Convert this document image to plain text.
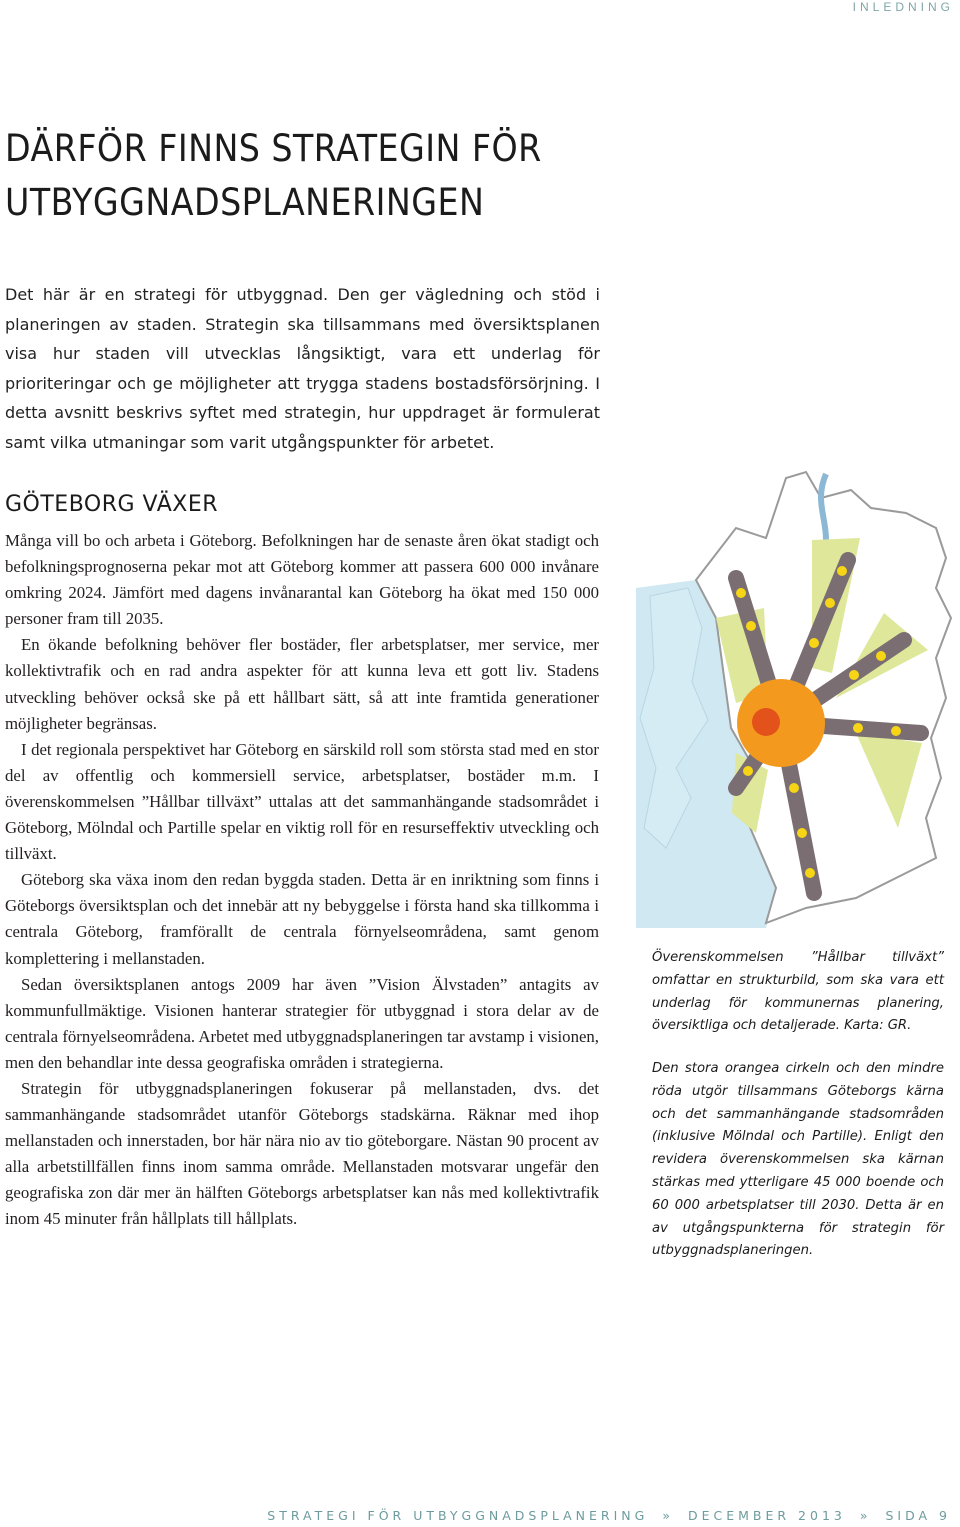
INLEDNING
DÄRFÖR FINNS STRATEGIN FÖR UTBYGGNADSPLANERINGEN

Det här är en strategi för utbyggnad. Den ger vägledning och stöd i planeringen av staden. Strategin ska tillsammans med översiktsplanen visa hur staden vill utvecklas långsiktigt, vara ett underlag för prioriteringar och ge möjligheter att trygga stadens bostadsförsörjning. I detta avsnitt beskrivs syftet med strategin, hur uppdraget är formulerat samt vilka utmaningar som varit utgångspunkter för arbetet.

GÖTEBORG VÄXER

Många vill bo och arbeta i Göteborg. Befolkningen har de senaste åren ökat stadigt och befolkningsprognoserna pekar mot att Göteborg kommer att passera 600 000 invånare omkring 2024. Jämfört med dagens invånarantal kan Göteborg ha ökat med 150 000 personer fram till 2035.

En ökande befolkning behöver fler bostäder, fler arbetsplatser, mer service, mer kollektivtrafik och en rad andra aspekter för att kunna leva ett gott liv. Stadens utveckling behöver också ske på ett hållbart sätt, så att inte framtida generationer möjligheter begränsas.

I det regionala perspektivet har Göteborg en särskild roll som största stad med en stor del av offentlig och kommersiell service, arbetsplatser, bostäder m.m. I överenskommelsen ”Hållbar tillväxt” uttalas att det sammanhängande stadsområdet i Göteborg, Mölndal och Partille spelar en viktig roll för en resurseffektiv utveckling och tillväxt.

Göteborg ska växa inom den redan byggda staden. Detta är en inriktning som finns i Göteborgs översiktsplan och det innebär att ny bebyggelse i första hand ska tillkomma i centrala Göteborg, framförallt de centrala förnyelseområdena, samt genom komplettering i mellanstaden.

Sedan översiktsplanen antogs 2009 har även ”Vision Älvstaden” antagits av kommunfullmäktige. Visionen hanterar strategier för utbyggnad i stora delar av de centrala förnyelseområdena. Arbetet med utbyggnadsplaneringen tar avstamp i visionen, men den behandlar inte dessa geografiska områden i strategierna.

Strategin för utbyggnadsplaneringen fokuserar på mellanstaden, dvs. det sammanhängande stadsområdet utanför Göteborgs stadskärna. Räknar med ihop mellanstaden och innerstaden, bor här nära nio av tio göteborgare. Nästan 90 procent av alla arbetstillfällen finns inom samma område. Mellanstaden motsvarar ungefär den geografiska zon där mer än hälften Göteborgs arbetsplatser kan nås med kollektivtrafik inom 45 minuter från hållplats till hållplats.

Överenskommelsen ”Hållbar tillväxt” omfattar en strukturbild, som ska vara ett underlag för kommunernas planering, översiktliga och detaljerade. Karta: GR.

Den stora orangea cirkeln och den mindre röda utgör tillsammans Göteborgs kärna och det sammanhängande stadsområden (inklusive Mölndal och Partille). Enligt den revidera överenskommelsen ska kärnan stärkas med ytterligare 45 000 boende och 60 000 arbetsplatser till 2030. Detta är en av utgångspunkterna för strategin för utbyggnadsplaneringen.

STRATEGI FÖR UTBYGGNADSPLANERING » DECEMBER 2013 » SIDA 9
